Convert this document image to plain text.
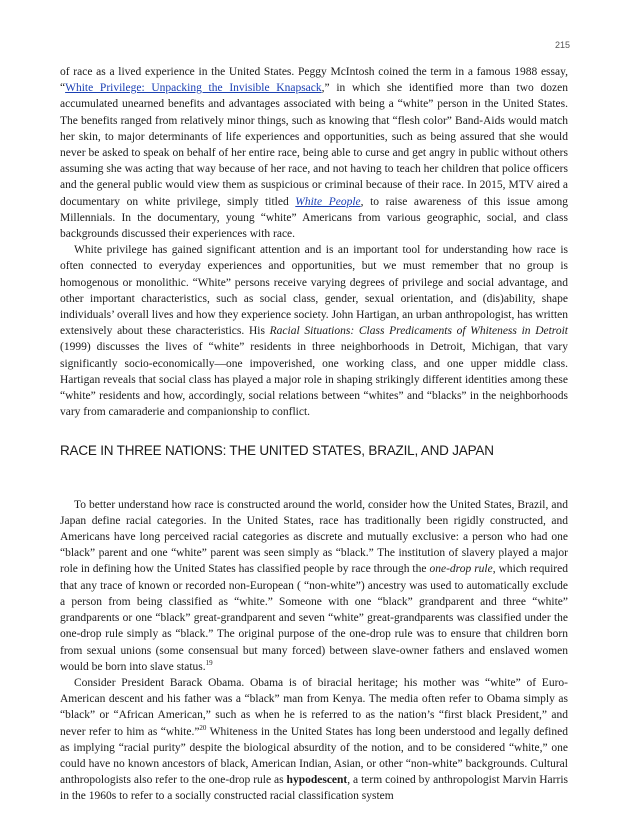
215

of race as a lived experience in the United States. Peggy McIntosh coined the term in a famous 1988 essay, “White Privilege: Unpacking the Invisible Knapsack,” in which she identified more than two dozen accumulated unearned benefits and advantages associated with being a “white” person in the United States. The benefits ranged from relatively minor things, such as knowing that “flesh color” Band-Aids would match her skin, to major determinants of life experiences and opportunities, such as being assured that she would never be asked to speak on behalf of her entire race, being able to curse and get angry in public without others assuming she was acting that way because of her race, and not having to teach her children that police officers and the general public would view them as suspicious or criminal because of their race. In 2015, MTV aired a documentary on white privilege, simply titled White People, to raise awareness of this issue among Millennials. In the documentary, young “white” Americans from various geographic, social, and class backgrounds discussed their experiences with race.

White privilege has gained significant attention and is an important tool for understanding how race is often connected to everyday experiences and opportunities, but we must remember that no group is homogenous or monolithic. “White” persons receive varying degrees of privilege and social advantage, and other important characteristics, such as social class, gender, sexual orientation, and (dis)ability, shape individuals’ overall lives and how they experience society. John Hartigan, an urban anthropologist, has written extensively about these characteristics. His Racial Situations: Class Predicaments of Whiteness in Detroit (1999) discusses the lives of “white” residents in three neighborhoods in Detroit, Michigan, that vary significantly socio-economically—one impoverished, one working class, and one upper middle class. Hartigan reveals that social class has played a major role in shaping strikingly different identities among these “white” residents and how, accordingly, social relations between “whites” and “blacks” in the neighborhoods vary from camaraderie and companionship to conflict.

RACE IN THREE NATIONS: THE UNITED STATES, BRAZIL, AND JAPAN

To better understand how race is constructed around the world, consider how the United States, Brazil, and Japan define racial categories. In the United States, race has traditionally been rigidly constructed, and Americans have long perceived racial categories as discrete and mutually exclusive: a person who had one “black” parent and one “white” parent was seen simply as “black.” The institution of slavery played a major role in defining how the United States has classified people by race through the one-drop rule, which required that any trace of known or recorded non-European ( “non-white”) ancestry was used to automatically exclude a person from being classified as “white.” Someone with one “black” grandparent and three “white” grandparents or one “black” great-grandparent and seven “white” great-grandparents was classified under the one-drop rule simply as “black.” The original purpose of the one-drop rule was to ensure that children born from sexual unions (some consensual but many forced) between slave-owner fathers and enslaved women would be born into slave status.$^{19}$

Consider President Barack Obama. Obama is of biracial heritage; his mother was “white” of Euro-American descent and his father was a “black” man from Kenya. The media often refer to Obama simply as “black” or “African American,” such as when he is referred to as the nation’s “first black President,” and never refer to him as “white.”$^{20}$ Whiteness in the United States has long been understood and legally defined as implying “racial purity” despite the biological absurdity of the notion, and to be considered “white,” one could have no known ancestors of black, American Indian, Asian, or other “non-white” backgrounds. Cultural anthropologists also refer to the one-drop rule as hypodescent, a term coined by anthropologist Marvin Harris in the 1960s to refer to a socially constructed racial classification system
